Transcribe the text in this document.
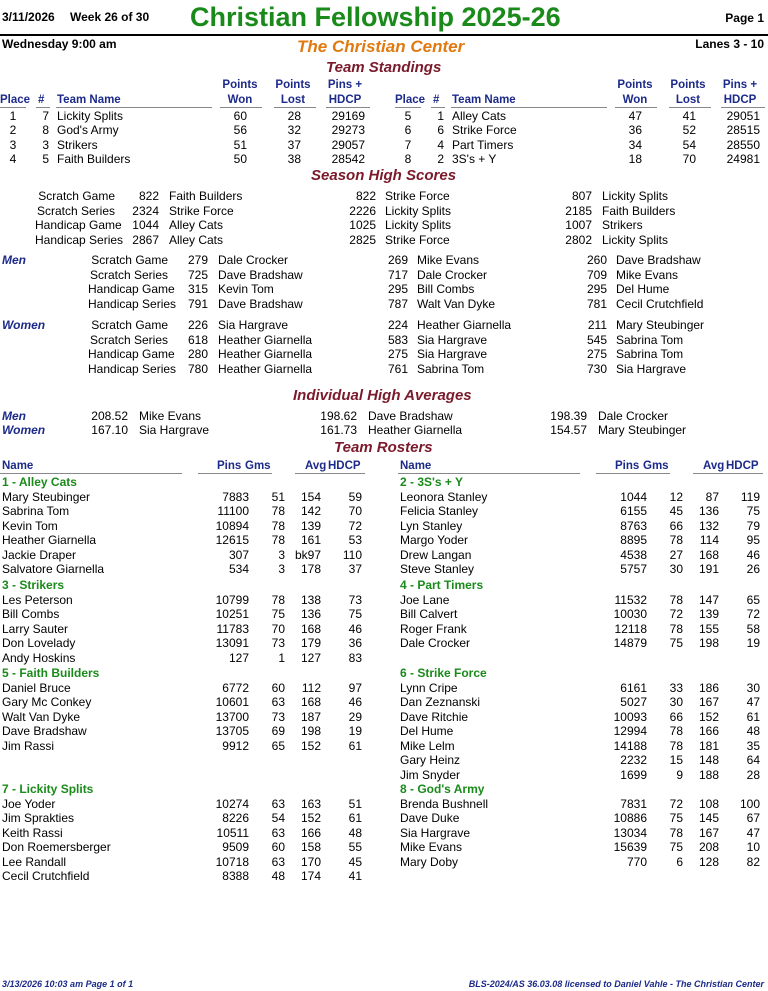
3/11/2026 Week 26 of 30 Christian Fellowship 2025-26	Page 1
Wednesday 9:00 am	The Christian Center	Lanes 3 - 10
Team Standings
Place # Team Name
Points
Won
Points
Lost
Pins +
HDCP
1	7 Lickity Splits	60	28	29169
2	8 God's Army	56	32	29273
3	3 Strikers	51	37	29057
4	5 Faith Builders	50	38	28542
Place # Team Name
Points
Won
Points
Lost
Pins +
HDCP
5	1 Alley Cats	47	41	29051
6	6 Strike Force	36	52	28515
7	4 Part Timers	34	54	28550
8	2 3S's + Y	18	70	24981
Season High Scores
Scratch Game	822 Faith Builders	822 Strike Force	807 Lickity Splits
Scratch Series	2324 Strike Force	2226 Lickity Splits	2185 Faith Builders
Handicap Game 1044 Alley Cats	1025 Lickity Splits	1007 Strikers
Handicap Series 2867 Alley Cats	2825 Strike Force	2802 Lickity Splits
Men	Scratch Game	279 Dale Crocker	269 Mike Evans	260 Dave Bradshaw
Scratch Series	725 Dave Bradshaw	717 Dale Crocker	709 Mike Evans
Handicap Game	315 Kevin Tom	295 Bill Combs	295 Del Hume
Handicap Series 791 Dave Bradshaw	787 Walt Van Dyke	781 Cecil Crutchfield
Women	Scratch Game	226 Sia Hargrave	224 Heather Giarnella	211 Mary Steubinger
Scratch Series	618 Heather Giarnella	583 Sia Hargrave	545 Sabrina Tom
Handicap Game	280 Heather Giarnella	275 Sia Hargrave	275 Sabrina Tom
Handicap Series 780 Heather Giarnella	761 Sabrina Tom	730 Sia Hargrave
Individual High Averages
Men	208.52 Mike Evans	198.62 Dave Bradshaw	198.39 Dale Crocker
Women	167.10 Sia Hargrave	161.73 Heather Giarnella	154.57 Mary Steubinger
Team Rosters
Name	Pins Gms	Avg HDCP
1 - Alley Cats
Mary Steubinger	7883	51	154	59
Sabrina Tom	11100	78	142	70
Kevin Tom	10894	78	139	72
Heather Giarnella	12615	78	161	53
Jackie Draper	307	3 bk97	110
Salvatore Giarnella	534	3	178	37
3 - Strikers
Les Peterson	10799	78	138	73
Bill Combs	10251	75	136	75
Larry Sauter	11783	70	168	46
Don Lovelady	13091	73	179	36
Andy Hoskins	127	1	127	83
5 - Faith Builders
Daniel Bruce	6772	60	112	97
Gary Mc Conkey	10601	63	168	46
Walt Van Dyke	13700	73	187	29
Dave Bradshaw	13705	69	198	19
Jim Rassi	9912	65	152	61
7 - Lickity Splits
Joe Yoder	10274	63	163	51
Jim Sprakties	8226	54	152	61
Keith Rassi	10511	63	166	48
Don Roemersberger	9509	60	158	55
Lee Randall	10718	63	170	45
Cecil Crutchfield	8388	48	174	41
Name	Pins Gms	Avg HDCP
2 - 3S's + Y
Leonora Stanley	1044	12	87	119
Felicia Stanley	6155	45	136	75
Lyn Stanley	8763	66	132	79
Margo Yoder	8895	78	114	95
Drew Langan	4538	27	168	46
Steve Stanley	5757	30	191	26
4 - Part Timers
Joe Lane	11532	78	147	65
Bill Calvert	10030	72	139	72
Roger Frank	12118	78	155	58
Dale Crocker	14879	75	198	19
6 - Strike Force
Lynn Cripe	6161	33	186	30
Dan Zeznanski	5027	30	167	47
Dave Ritchie	10093	66	152	61
Del Hume	12994	78	166	48
Mike Lelm	14188	78	181	35
Gary Heinz	2232	15	148	64
Jim Snyder	1699	9	188	28
8 - God's Army
Brenda Bushnell	7831	72	108	100
Dave Duke	10886	75	145	67
Sia Hargrave	13034	78	167	47
Mike Evans	15639	75	208	10
Mary Doby	770	6	128	82
3/13/2026 10:03 am Page 1 of 1	BLS-2024/AS 36.03.08 licensed to Daniel Vahle - The Christian Center
